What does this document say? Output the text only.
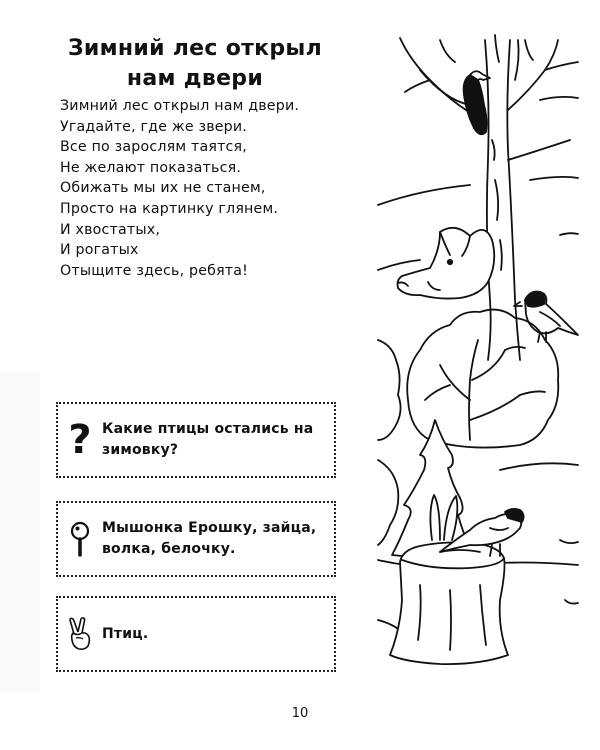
Зимний лес открыл
нам двери
Зимний лес открыл нам двери.
Угадайте, где же звери.
Все по зарослям таятся,
Не желают показаться.
Обижать мы их не станем,
Просто на картинку глянем.
И хвостатых,
И рогатых
Отыщите здесь, ребята!
? Какие птицы остались на зимовку?
Мышонка Ерошку, зайца, волка, белочку.
Птиц.
10
